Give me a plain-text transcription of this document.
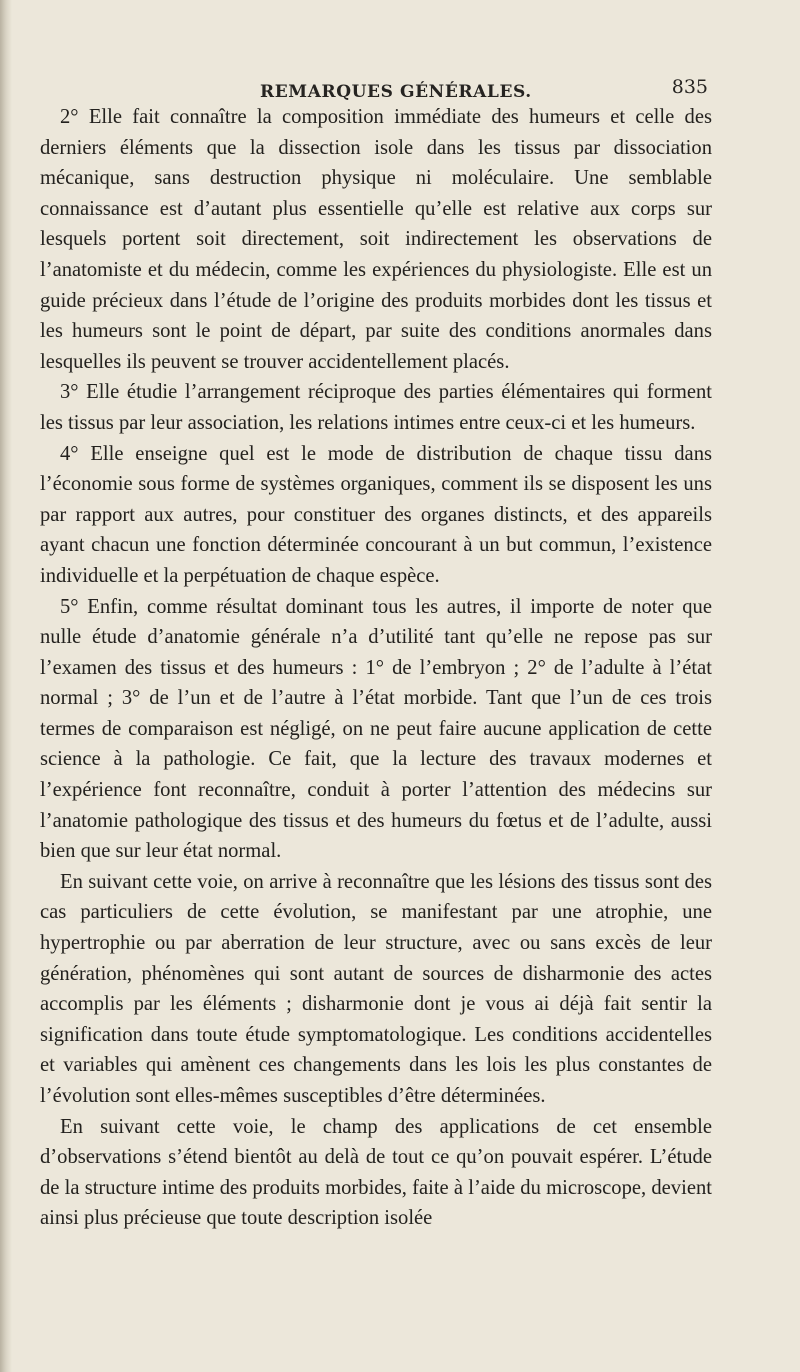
REMARQUES GÉNÉRALES.	835

2° Elle fait connaître la composition immédiate des humeurs et celle des derniers éléments que la dissection isole dans les tissus par dissociation mécanique, sans destruction physique ni moléculaire. Une semblable connaissance est d’autant plus essentielle qu’elle est relative aux corps sur lesquels portent soit directement, soit indirectement les observations de l’anatomiste et du médecin, comme les expériences du physiologiste. Elle est un guide précieux dans l’étude de l’origine des produits morbides dont les tissus et les humeurs sont le point de départ, par suite des conditions anormales dans lesquelles ils peuvent se trouver accidentellement placés.

3° Elle étudie l’arrangement réciproque des parties élémentaires qui forment les tissus par leur association, les relations intimes entre ceux-ci et les humeurs.

4° Elle enseigne quel est le mode de distribution de chaque tissu dans l’économie sous forme de systèmes organiques, comment ils se disposent les uns par rapport aux autres, pour constituer des organes distincts, et des appareils ayant chacun une fonction déterminée concourant à un but commun, l’existence individuelle et la perpétuation de chaque espèce.

5° Enfin, comme résultat dominant tous les autres, il importe de noter que nulle étude d’anatomie générale n’a d’utilité tant qu’elle ne repose pas sur l’examen des tissus et des humeurs : 1° de l’embryon ; 2° de l’adulte à l’état normal ; 3° de l’un et de l’autre à l’état morbide. Tant que l’un de ces trois termes de comparaison est négligé, on ne peut faire aucune application de cette science à la pathologie. Ce fait, que la lecture des travaux modernes et l’expérience font reconnaître, conduit à porter l’attention des médecins sur l’anatomie pathologique des tissus et des humeurs du fœtus et de l’adulte, aussi bien que sur leur état normal.

En suivant cette voie, on arrive à reconnaître que les lésions des tissus sont des cas particuliers de cette évolution, se manifestant par une atrophie, une hypertrophie ou par aberration de leur structure, avec ou sans excès de leur génération, phénomènes qui sont autant de sources de disharmonie des actes accomplis par les éléments ; disharmonie dont je vous ai déjà fait sentir la signification dans toute étude symptomatologique. Les conditions accidentelles et variables qui amènent ces changements dans les lois les plus constantes de l’évolution sont elles-mêmes susceptibles d’être déterminées.

En suivant cette voie, le champ des applications de cet ensemble d’observations s’étend bientôt au delà de tout ce qu’on pouvait espérer. L’étude de la structure intime des produits morbides, faite à l’aide du microscope, devient ainsi plus précieuse que toute description isolée
